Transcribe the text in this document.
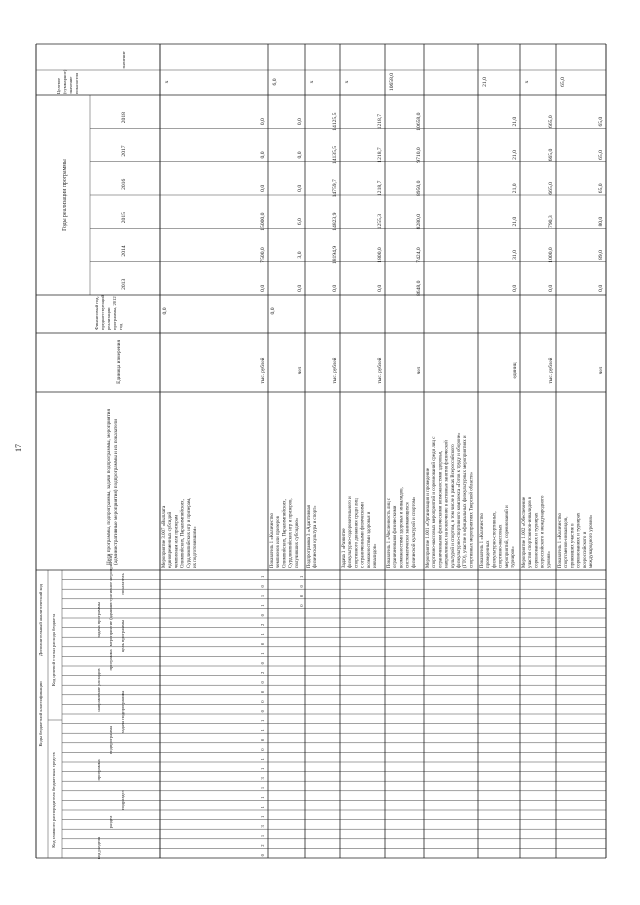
17
Коды бюджетной классификации
Код главного распорядителя бюджетных средств
Код целевой статьи расхода бюджета
Дополнительный аналитический код
код раздела
раздел
подраздел
программа
подпрограмма
задача подпрограммы
направление расходов
программа
цель программы
задача программы мероприятие (административное мероприятие) показатель
Цели программы, подпрограммы, задачи подпрограммы, мероприятия (административные мероприятия) подпрограммы и их показатели
Единица измерения
Финансовый год, предшествующий реализации программы, 2012 год
Годы реализации программы
2013
2014
2015
2016
2017
2018
Целевое (суммарное) значение показателя
значение
Мероприятие 3.007 «Выплата единовременных субсидий чемпионам или призерам Олимпийских, Паралимпийских, Сурдлимпийских игр и призерам, их подготовившим»
тыс. рублей
0,0
0,0
7500,0
15000,0
0,0
0,0
0,0
x
Показатель 1 «Количество чемпионов или призеров Олимпийских, Паралимпийских, Сурдлимпийских игр и призеров, получивших субсидию»
чел
0,0
0,0
3,0
6,0
0,0
0,0
0,0
6,0
Подпрограмма 3 «Адаптивная физическая культура и спорт»
тыс. рублей
0,0
18194,9
14823,9
14759,7
14135,5
14125,5
x
Задача 1 «Развитие физкультурно-оздоровительного и спортивного движения среди лиц с ограниченными физическими возможностями здоровья и инвалидов»
тыс. рублей
0,0
1800,0
1255,3
1218,7
1218,7
1218,7
x
Показатель 1 «Численность лиц с ограниченными физическими возможностями здоровья и инвалидов, систематически занимающихся физической культурой и спортом»
чел
8648,0
7424,0
8280,0
8950,0
9710,0
10658,0
10658,0
Мероприятие 1.001 «Организация и проведение спортивно-массовых мероприятий и соревнований среди лиц с ограниченными физическими возможностями здоровья, направленных на вовлечение в активные занятия физической культурой и спортом, в том числе в рамках Всероссийского физкультурно-спортивного комплекса «Готов к труду и обороне» (ГТО), участие в официальных физкультурных мероприятиях и спортивных мероприятиях Тверской области» Показатель 1 «Количество проведенных физкультурно-спортивных, спортивно-массовых мероприятий, соревнований и турниров»
единиц
0,0
31,0
21,0
21,0
21,0
21,0
21,0
Мероприятие 1.002 «Обеспечение участия спортсменов-инвалидов в соревнованиях и турнирах всероссийского и международного уровня»
тыс. рублей
0,0
1000,0
790,3
665,0
665,0
665,0
x
Показатель 1 «Количество спортсменов-инвалидов, принявших участие в соревнованиях и турнирах всероссийского и международного уровня»
чел
0,0
89,0
80,0
65,0
65,0
65,0
65,0
1
0
1
1
0
2
1
0
1
0
2
0
0
0
0
1
1
0
0
1
1
3
1
1
1
1
3
1
2
0
1
0
0
0
